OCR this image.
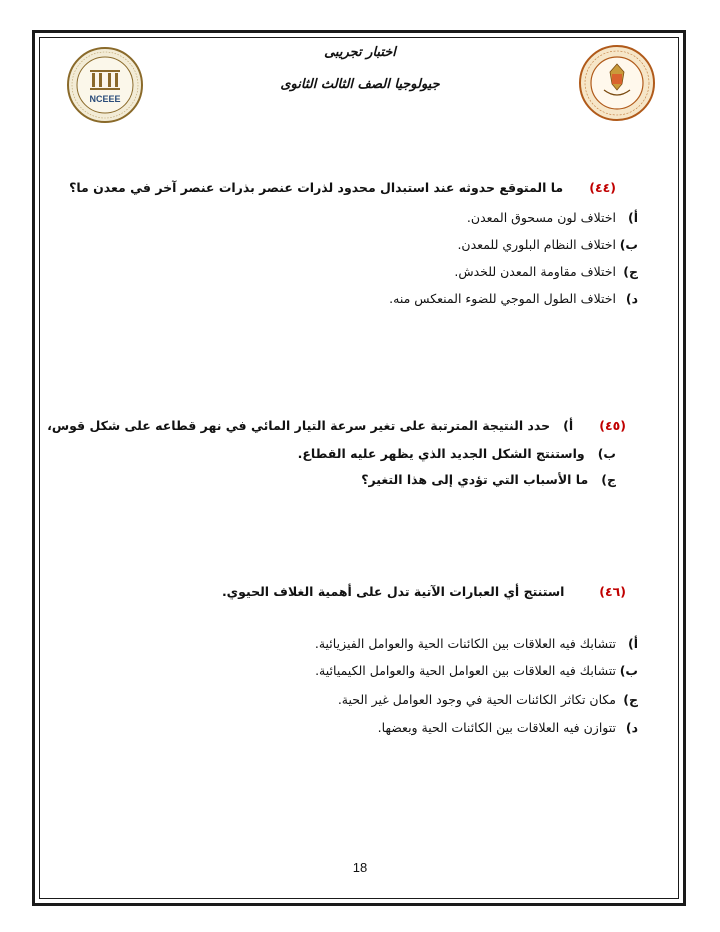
NCEEE
اختبار تجريبى
جيولوجيا الصف الثالث الثانوى
(٤٤)      ما المتوقع حدوثه عند استبدال محدود لذرات عنصر بذرات عنصر آخر في معدن ما؟
أ) اختلاف لون مسحوق المعدن.
ب) اختلاف النظام البلوري للمعدن.
ج) اختلاف مقاومة المعدن للخدش.
د) اختلاف الطول الموجي للضوء المنعكس منه.
(٤٥)      أ)   حدد النتيجة المترتبة على تغير سرعة التيار المائي في نهر قطاعه على شكل قوس،
ب)   واستنتج الشكل الجديد الذي يظهر عليه القطاع.
ج)   ما الأسباب التي تؤدي إلى هذا التغير؟
(٤٦)        استنتج أي العبارات الآتية تدل على أهمية الغلاف الحيوي.
أ) تتشابك فيه العلاقات بين الكائنات الحية والعوامل الفيزيائية.
ب) تتشابك فيه العلاقات بين العوامل الحية والعوامل الكيميائية.
ج) مكان تكاثر الكائنات الحية في وجود العوامل غير الحية.
د) تتوازن فيه العلاقات بين الكائنات الحية وبعضها.
18
